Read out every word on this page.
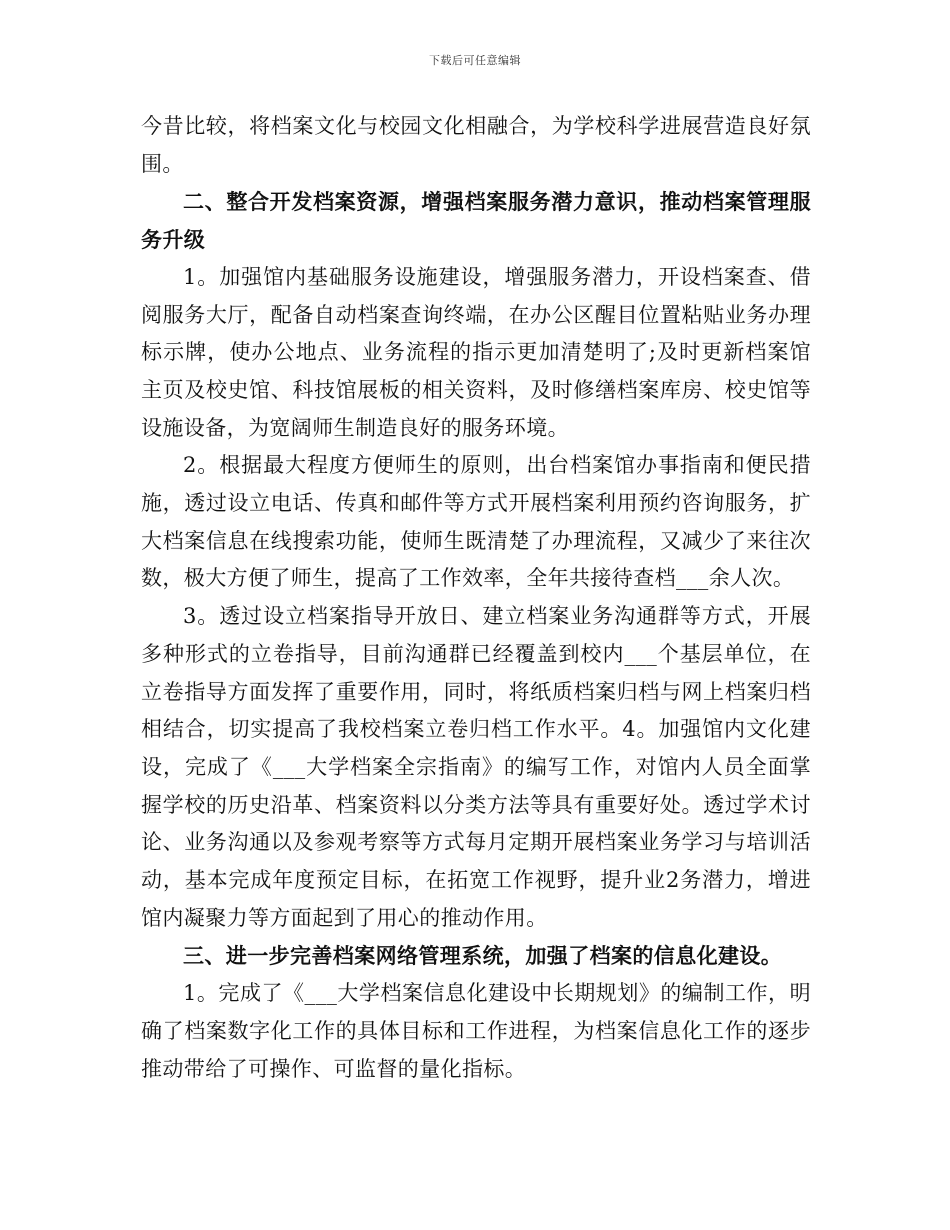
下载后可任意编辑

今昔比较，将档案文化与校园文化相融合，为学校科学进展营造良好氛围。

二、整合开发档案资源，增强档案服务潜力意识，推动档案管理服务升级

1。加强馆内基础服务设施建设，增强服务潜力，开设档案查、借阅服务大厅，配备自动档案查询终端，在办公区醒目位置粘贴业务办理标示牌，使办公地点、业务流程的指示更加清楚明了;及时更新档案馆主页及校史馆、科技馆展板的相关资料，及时修缮档案库房、校史馆等设施设备，为宽阔师生制造良好的服务环境。

2。根据最大程度方便师生的原则，出台档案馆办事指南和便民措施，透过设立电话、传真和邮件等方式开展档案利用预约咨询服务，扩大档案信息在线搜索功能，使师生既清楚了办理流程，又减少了来往次数，极大方便了师生，提高了工作效率，全年共接待查档___余人次。

3。透过设立档案指导开放日、建立档案业务沟通群等方式，开展多种形式的立卷指导，目前沟通群已经覆盖到校内___个基层单位，在立卷指导方面发挥了重要作用，同时，将纸质档案归档与网上档案归档相结合，切实提高了我校档案立卷归档工作水平。4。加强馆内文化建设，完成了《___大学档案全宗指南》的编写工作，对馆内人员全面掌握学校的历史沿革、档案资料以分类方法等具有重要好处。透过学术讨论、业务沟通以及参观考察等方式每月定期开展档案业务学习与培训活动，基本完成年度预定目标，在拓宽工作视野，提升业2务潜力，增进馆内凝聚力等方面起到了用心的推动作用。

三、进一步完善档案网络管理系统，加强了档案的信息化建设。

1。完成了《___大学档案信息化建设中长期规划》的编制工作，明确了档案数字化工作的具体目标和工作进程，为档案信息化工作的逐步推动带给了可操作、可监督的量化指标。
